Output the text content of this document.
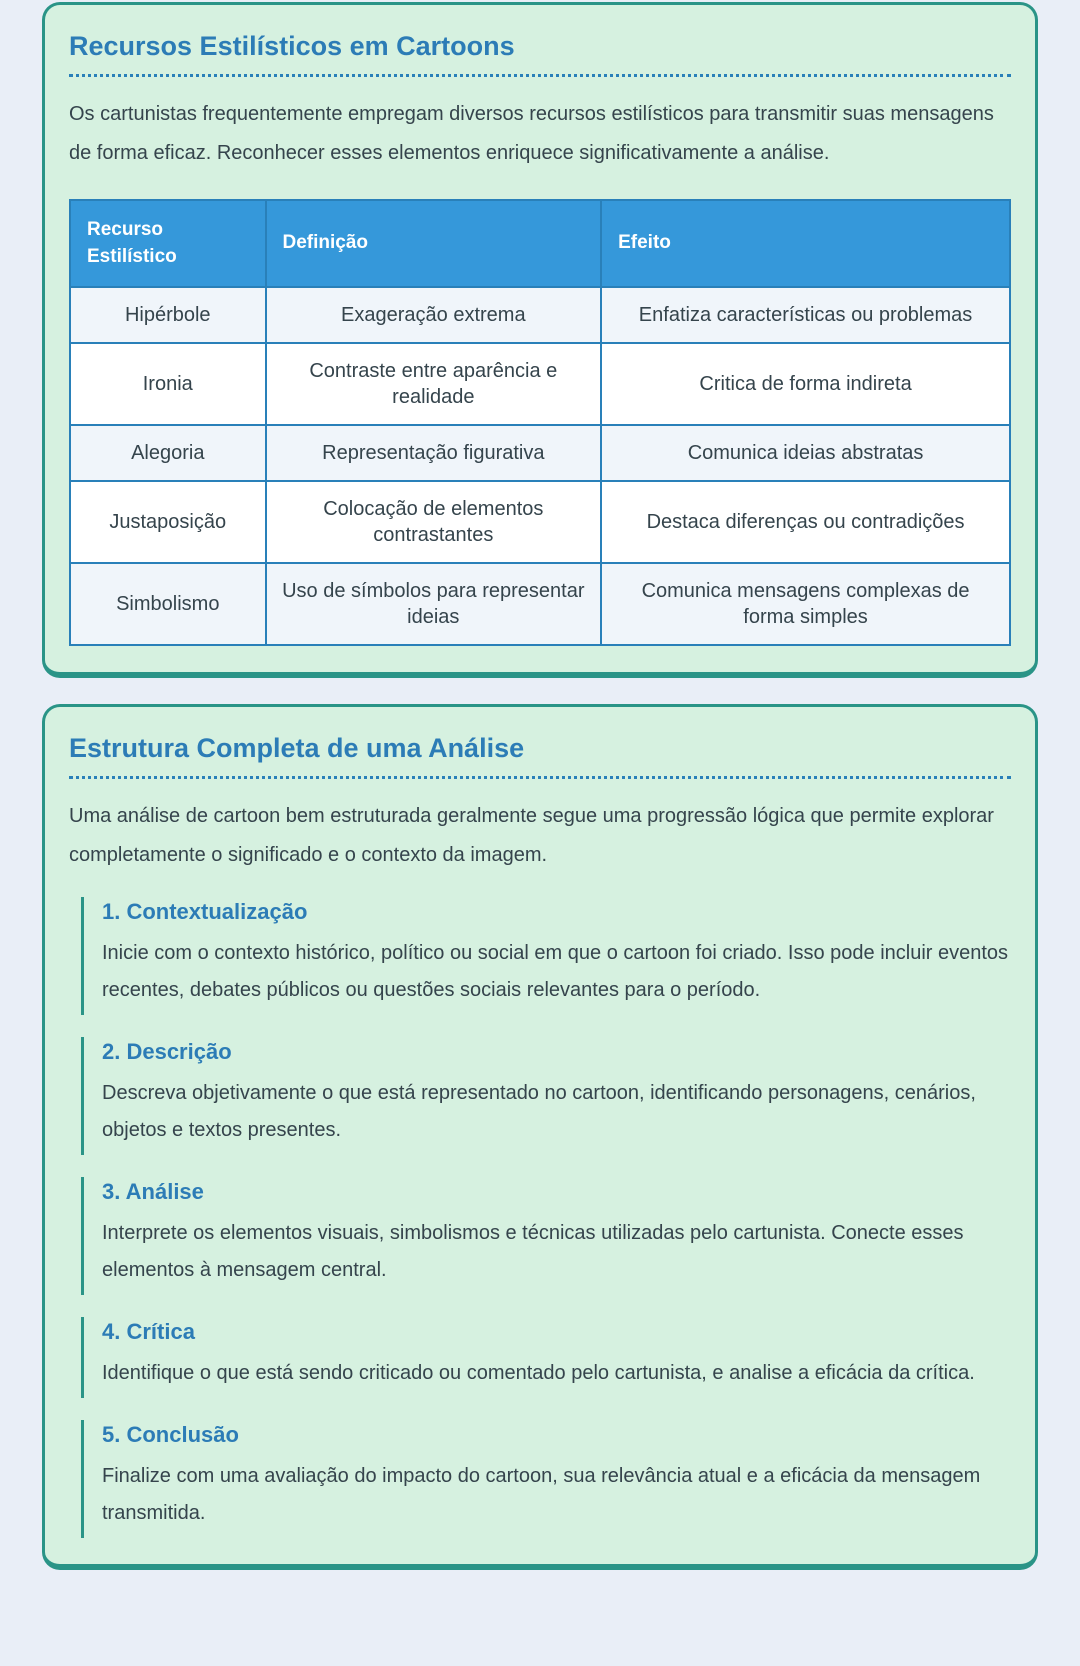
Recursos Estilísticos em Cartoons

Os cartunistas frequentemente empregam diversos recursos estilísticos para transmitir suas mensagens de forma eficaz. Reconhecer esses elementos enriquece significativamente a análise.

Recurso Estilístico	Definição	Efeito
Hipérbole	Exageração extrema	Enfatiza características ou problemas
Ironia	Contraste entre aparência e realidade	Critica de forma indireta
Alegoria	Representação figurativa	Comunica ideias abstratas
Justaposição	Colocação de elementos contrastantes	Destaca diferenças ou contradições
Simbolismo	Uso de símbolos para representar ideias	Comunica mensagens complexas de forma simples
Estrutura Completa de uma Análise

Uma análise de cartoon bem estruturada geralmente segue uma progressão lógica que permite explorar completamente o significado e o contexto da imagem.

1. Contextualização

Inicie com o contexto histórico, político ou social em que o cartoon foi criado. Isso pode incluir eventos recentes, debates públicos ou questões sociais relevantes para o período.

2. Descrição

Descreva objetivamente o que está representado no cartoon, identificando personagens, cenários, objetos e textos presentes.

3. Análise

Interprete os elementos visuais, simbolismos e técnicas utilizadas pelo cartunista. Conecte esses elementos à mensagem central.

4. Crítica

Identifique o que está sendo criticado ou comentado pelo cartunista, e analise a eficácia da crítica.

5. Conclusão

Finalize com uma avaliação do impacto do cartoon, sua relevância atual e a eficácia da mensagem transmitida.
